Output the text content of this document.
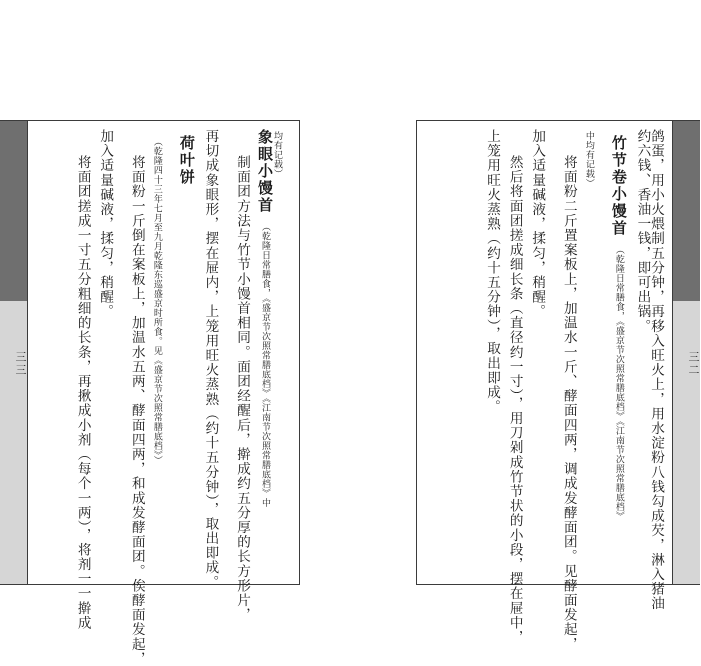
三三
均有记载）
象眼小馒首（乾隆日常膳食，《盛京节次照常膳底档》《江南节次照常膳底档》中
制面团方法与竹节小馒首相同。面团经醒后，擀成约五分厚的长方形片，
再切成象眼形，摆在屉内，上笼用旺火蒸熟（约十五分钟），取出即成。
荷叶饼
（乾隆四十三年七月至九月乾隆东巡盛京时所食。见《盛京节次照常膳底档》）
将面粉一斤倒在案板上，加温水五两、酵面四两，和成发酵面团。俟酵面发起，
加入适量碱液，揉匀，稍醒。
将面团搓成一寸五分粗细的长条，再揪成小剂（每个一两），将剂一一擀成	三二
鸽蛋，用小火煨制五分钟，再移入旺火上，用水淀粉八钱勾成芡，淋入猪油
约六钱、香油一钱，即可出锅。
竹节卷小馒首（乾隆日常膳食，《盛京节次照常膳底档》《江南节次照常膳底档》
中均有记载）
将面粉二斤置案板上，加温水一斤、酵面四两，调成发酵面团。见酵面发起，
加入适量碱液，揉匀，稍醒。
然后将面团搓成细长条（直径约一寸），用刀剁成竹节状的小段，摆在屉中，
上笼用旺火蒸熟（约十五分钟），取出即成。
